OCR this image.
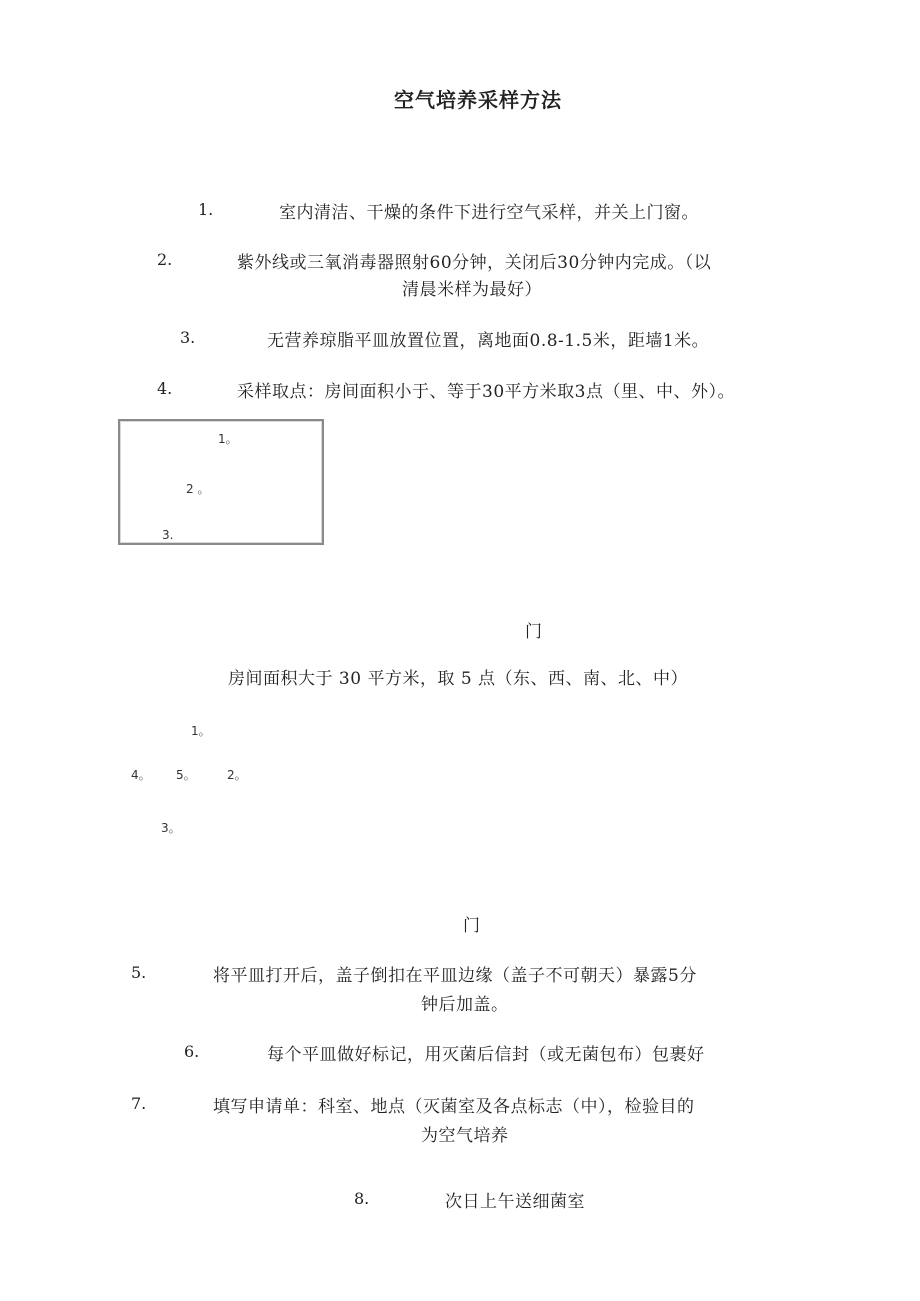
空气培养采样方法
1.	室内清洁、干燥的条件下进行空气采样，并关上门窗。
2.	紫外线或三氧消毒器照射60分钟，关闭后30分钟内完成。（以
清晨米样为最好）
3.	无营养琼脂平皿放置位置，离地面0.8-1.5米，距墙1米。
4.	采样取点：房间面积小于、等于30平方米取3点（里、中、外）。
1。
2 。
3.
门
房间面积大于 30 平方米，取 5 点（东、西、南、北、中）
1。
4。 5。	2。
3。
门
5.	将平皿打开后，盖子倒扣在平皿边缘（盖子不可朝天）暴露5分
钟后加盖。
6.	每个平皿做好标记，用灭菌后信封（或无菌包布）包裹好
7.	填写申请单：科室、地点（灭菌室及各点标志（中），检验目的
为空气培养
8.	次日上午送细菌室
